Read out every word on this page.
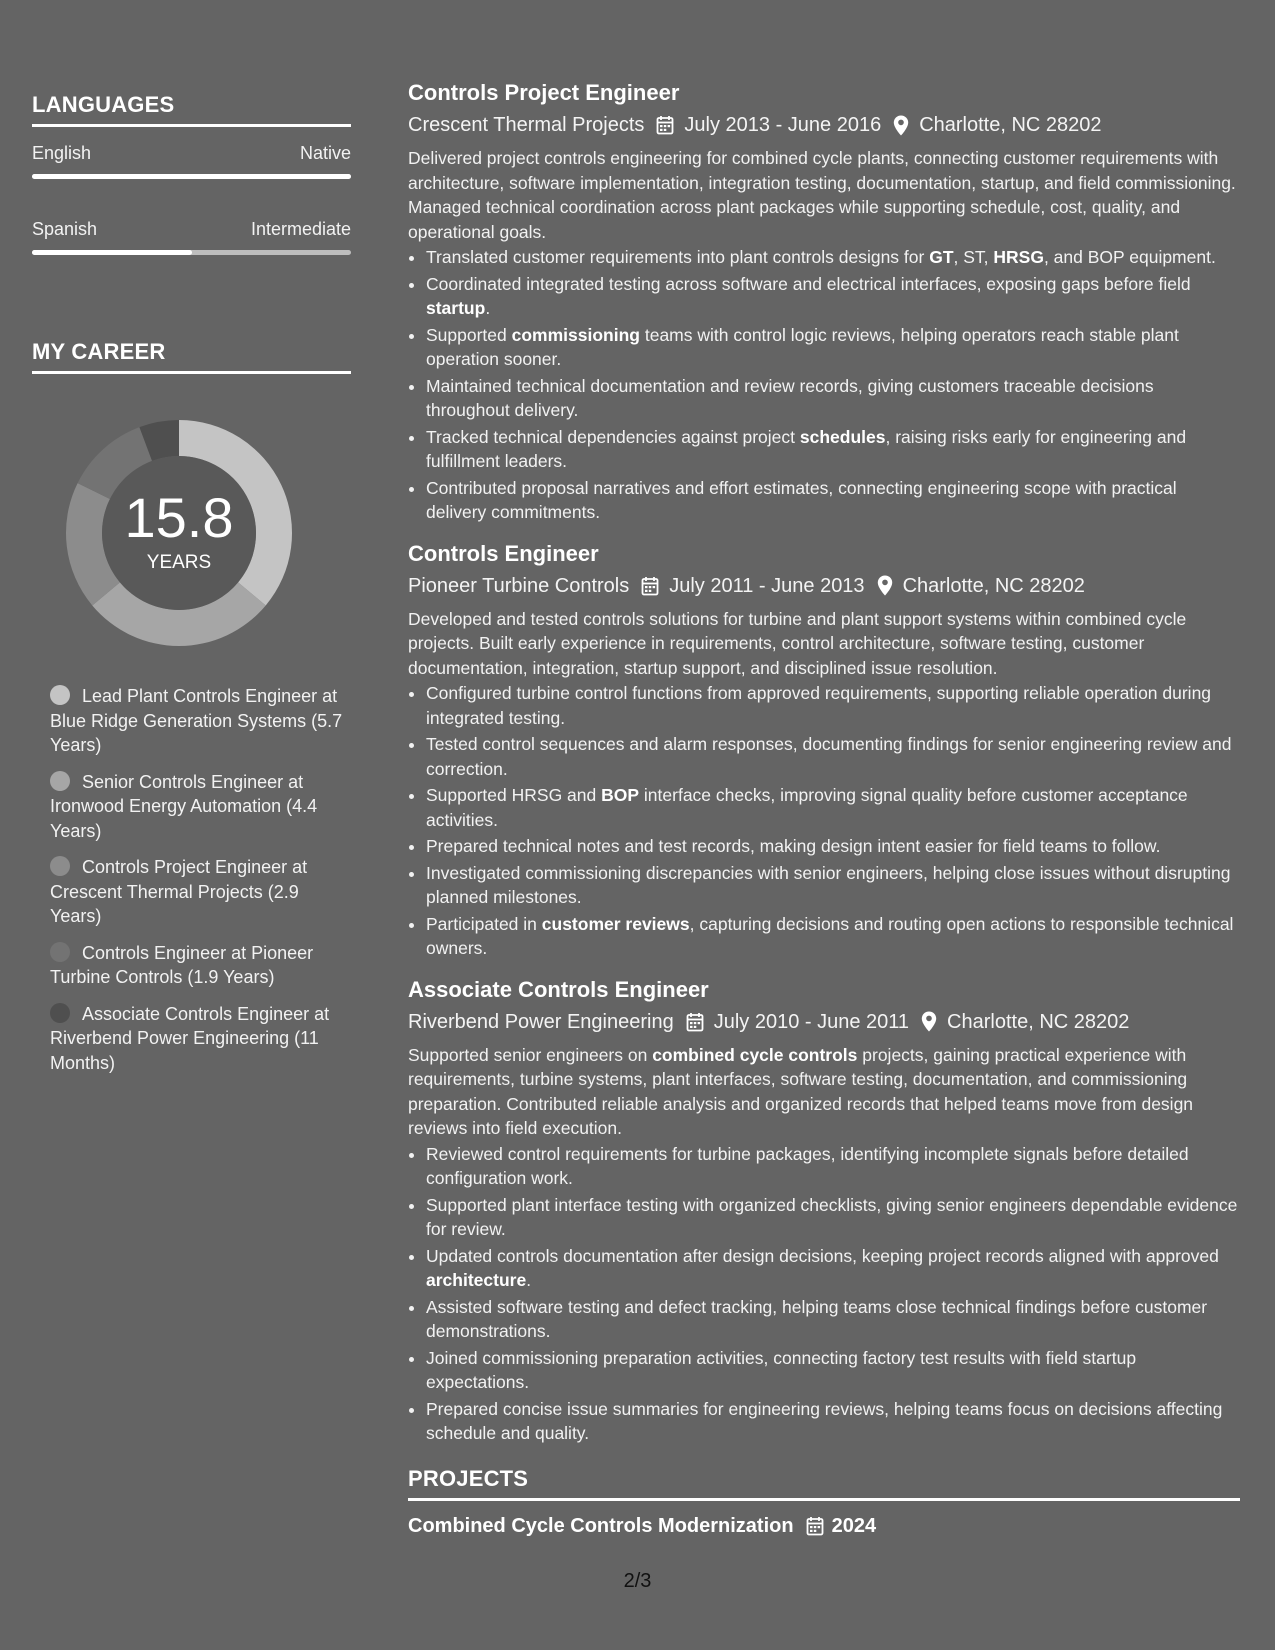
LANGUAGES
English	Native
Spanish	Intermediate
MY CAREER
15.8
YEARS
Lead Plant Controls Engineer at Blue Ridge Generation Systems (5.7 Years)
Senior Controls Engineer at Ironwood Energy Automation (4.4 Years)
Controls Project Engineer at Crescent Thermal Projects (2.9 Years)
Controls Engineer at Pioneer Turbine Controls (1.9 Years)
Associate Controls Engineer at Riverbend Power Engineering (11 Months)
Controls Project Engineer
Crescent Thermal Projects July 2013 - June 2016 Charlotte, NC 28202
Delivered project controls engineering for combined cycle plants, connecting customer requirements with architecture, software implementation, integration testing, documentation, startup, and field commissioning. Managed technical coordination across plant packages while supporting schedule, cost, quality, and operational goals.
• Translated customer requirements into plant controls designs for GT, ST, HRSG, and BOP equipment.
• Coordinated integrated testing across software and electrical interfaces, exposing gaps before field startup.
• Supported commissioning teams with control logic reviews, helping operators reach stable plant operation sooner.
• Maintained technical documentation and review records, giving customers traceable decisions throughout delivery.
• Tracked technical dependencies against project schedules, raising risks early for engineering and fulfillment leaders.
• Contributed proposal narratives and effort estimates, connecting engineering scope with practical delivery commitments.
Controls Engineer
Pioneer Turbine Controls July 2011 - June 2013 Charlotte, NC 28202
Developed and tested controls solutions for turbine and plant support systems within combined cycle projects. Built early experience in requirements, control architecture, software testing, customer documentation, integration, startup support, and disciplined issue resolution.
• Configured turbine control functions from approved requirements, supporting reliable operation during integrated testing.
• Tested control sequences and alarm responses, documenting findings for senior engineering review and correction.
• Supported HRSG and BOP interface checks, improving signal quality before customer acceptance activities.
• Prepared technical notes and test records, making design intent easier for field teams to follow.
• Investigated commissioning discrepancies with senior engineers, helping close issues without disrupting planned milestones.
• Participated in customer reviews, capturing decisions and routing open actions to responsible technical owners.
Associate Controls Engineer
Riverbend Power Engineering July 2010 - June 2011 Charlotte, NC 28202
Supported senior engineers on combined cycle controls projects, gaining practical experience with requirements, turbine systems, plant interfaces, software testing, documentation, and commissioning preparation. Contributed reliable analysis and organized records that helped teams move from design reviews into field execution.
• Reviewed control requirements for turbine packages, identifying incomplete signals before detailed configuration work.
• Supported plant interface testing with organized checklists, giving senior engineers dependable evidence for review.
• Updated controls documentation after design decisions, keeping project records aligned with approved architecture.
• Assisted software testing and defect tracking, helping teams close technical findings before customer demonstrations.
• Joined commissioning preparation activities, connecting factory test results with field startup expectations.
• Prepared concise issue summaries for engineering reviews, helping teams focus on decisions affecting schedule and quality.
PROJECTS
Combined Cycle Controls Modernization 2024
2/3
